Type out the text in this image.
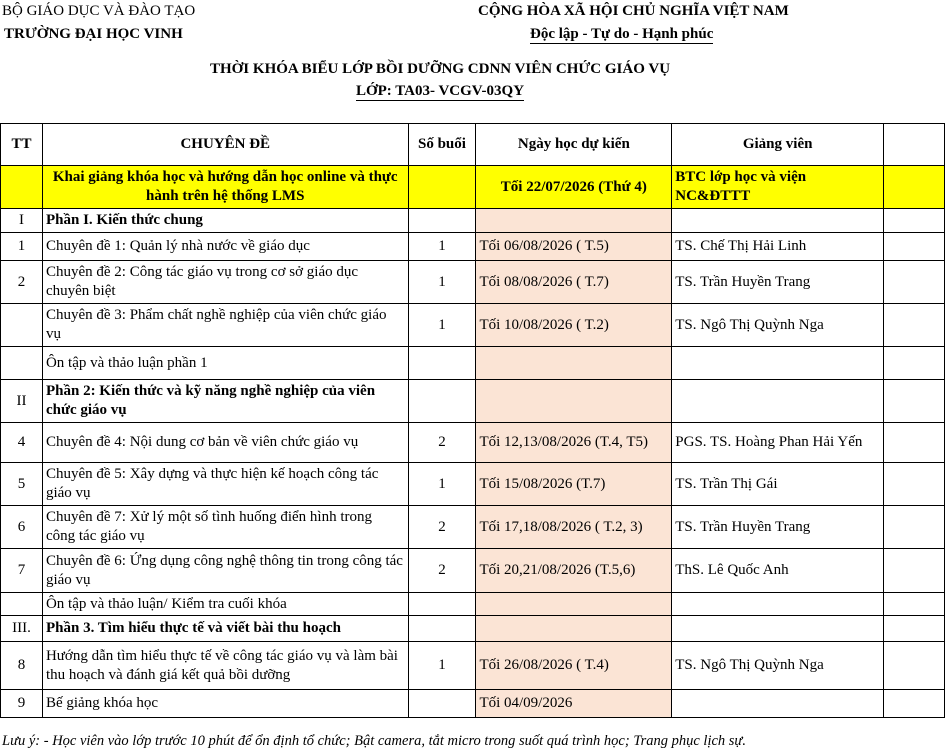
BỘ GIÁO DỤC VÀ ĐÀO TẠO
TRƯỜNG ĐẠI HỌC VINH
CỘNG HÒA XÃ HỘI CHỦ NGHĨA VIỆT NAM
Độc lập - Tự do - Hạnh phúc
THỜI KHÓA BIỂU LỚP BỒI DƯỠNG CDNN VIÊN CHỨC GIÁO VỤ
LỚP: TA03- VCGV-03QY
TT	CHUYÊN ĐỀ	Số buổi	Ngày học dự kiến	Giảng viên	
	Khai giảng khóa học và hướng dẫn học online và thực hành trên hệ thống LMS		Tối 22/07/2026 (Thứ 4)	BTC lớp học và viện NC&ĐTTT	
I	Phần I. Kiến thức chung				
1	Chuyên đề 1: Quản lý nhà nước về giáo dục	1	Tối 06/08/2026 ( T.5)	TS. Chế Thị Hải Linh	
2	Chuyên đề 2: Công tác giáo vụ trong cơ sở giáo dục chuyên biệt	1	Tối 08/08/2026 ( T.7)	TS. Trần Huyền Trang	
	Chuyên đề 3: Phẩm chất nghề nghiệp của viên chức giáo vụ	1	Tối 10/08/2026 ( T.2)	TS. Ngô Thị Quỳnh Nga	
	Ôn tập và thảo luận phần 1				
II	Phần 2: Kiến thức và kỹ năng nghề nghiệp của viên chức giáo vụ				
4	Chuyên đề 4: Nội dung cơ bản về viên chức giáo vụ	2	Tối 12,13/08/2026 (T.4, T5)	PGS. TS. Hoàng Phan Hải Yến	
5	Chuyên đề 5: Xây dựng và thực hiện kế hoạch công tác giáo vụ	1	Tối 15/08/2026 (T.7)	TS. Trần Thị Gái	
6	Chuyên đề 7: Xử lý một số tình huống điển hình trong công tác giáo vụ	2	Tối 17,18/08/2026 ( T.2, 3)	TS. Trần Huyền Trang	
7	Chuyên đề 6: Ứng dụng công nghệ thông tin trong công tác giáo vụ	2	Tối 20,21/08/2026 (T.5,6)	ThS. Lê Quốc Anh	
	Ôn tập và thảo luận/ Kiểm tra cuối khóa				
III.	Phần 3. Tìm hiểu thực tế và viết bài thu hoạch				
8	Hướng dẫn tìm hiểu thực tế về công tác giáo vụ và làm bài thu hoạch và đánh giá kết quả bồi dưỡng	1	Tối 26/08/2026 ( T.4)	TS. Ngô Thị Quỳnh Nga	
9	Bế giảng khóa học		Tối 04/09/2026		
Lưu ý: - Học viên vào lớp trước 10 phút để ổn định tổ chức; Bật camera, tắt micro trong suốt quá trình học; Trang phục lịch sự.
